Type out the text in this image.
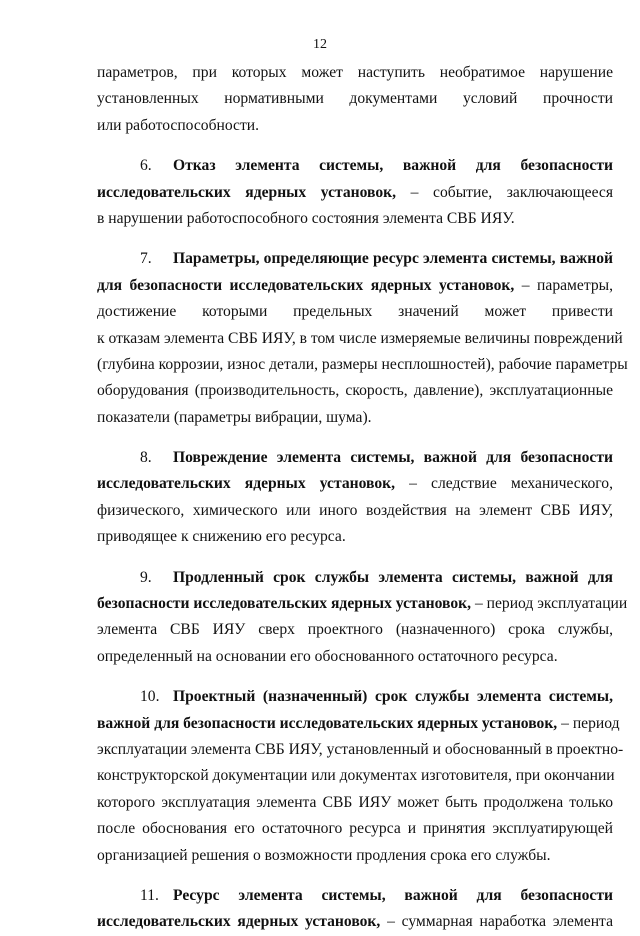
12
параметров, при которых может наступить необратимое нарушение
установленных нормативными документами условий прочности
или работоспособности.
6. Отказ элемента системы, важной для безопасности
исследовательских ядерных установок, – событие, заключающееся
в нарушении работоспособного состояния элемента СВБ ИЯУ.
7. Параметры, определяющие ресурс элемента системы, важной
для безопасности исследовательских ядерных установок, – параметры,
достижение которыми предельных значений может привести
к отказам элемента СВБ ИЯУ, в том числе измеряемые величины повреждений
(глубина коррозии, износ детали, размеры несплошностей), рабочие параметры
оборудования (производительность, скорость, давление), эксплуатационные
показатели (параметры вибрации, шума).
8. Повреждение элемента системы, важной для безопасности
исследовательских ядерных установок, – следствие механического,
физического, химического или иного воздействия на элемент СВБ ИЯУ,
приводящее к снижению его ресурса.
9. Продленный срок службы элемента системы, важной для
безопасности исследовательских ядерных установок, – период эксплуатации
элемента СВБ ИЯУ сверх проектного (назначенного) срока службы,
определенный на основании его обоснованного остаточного ресурса.
10. Проектный (назначенный) срок службы элемента системы,
важной для безопасности исследовательских ядерных установок, – период
эксплуатации элемента СВБ ИЯУ, установленный и обоснованный в проектно-
конструкторской документации или документах изготовителя, при окончании
которого эксплуатация элемента СВБ ИЯУ может быть продолжена только
после обоснования его остаточного ресурса и принятия эксплуатирующей
организацией решения о возможности продления срока его службы.
11. Ресурс элемента системы, важной для безопасности
исследовательских ядерных установок, – суммарная наработка элемента
